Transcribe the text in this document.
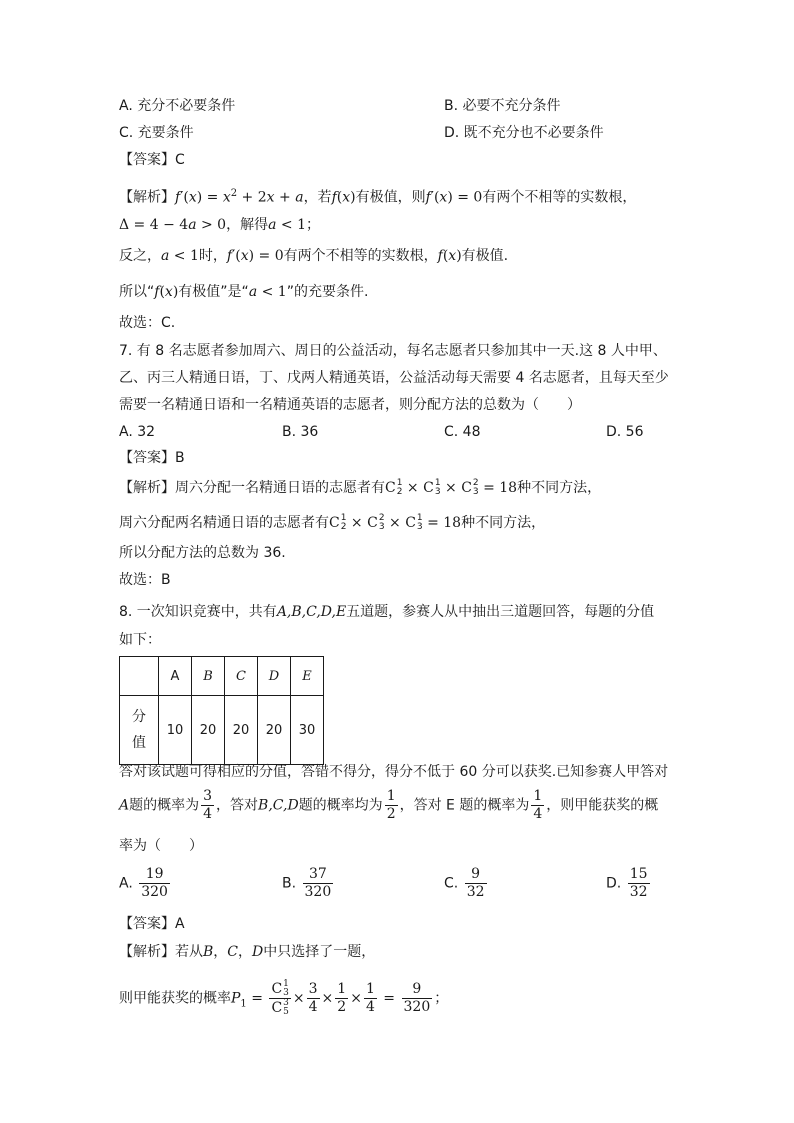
A. 充分不必要条件	B. 必要不充分条件
C. 充要条件	D. 既不充分也不必要条件
【答案】C
【解析】$f'(x) = x^2 + 2x + a$，若f(x)有极值，则f′(x) = 0有两个不相等的实数根，
Δ = 4 − 4a > 0，解得a < 1；
反之，a < 1时，f′(x) = 0有两个不相等的实数根，f(x)有极值.
所以“f(x)有极值”是“a < 1”的充要条件.
故选：C.
7. 有 8 名志愿者参加周六、周日的公益活动，每名志愿者只参加其中一天.这 8 人中甲、
乙、丙三人精通日语，丁、戊两人精通英语，公益活动每天需要 4 名志愿者，且每天至少
需要一名精通日语和一名精通英语的志愿者，则分配方法的总数为（　　）
A. 32	B. 36	C. 48	D. 56
【答案】B
【解析】周六分配一名精通日语的志愿者有C 1
2 × C 1
3 × C 2
3 = 18种不同方法，
周六分配两名精通日语的志愿者有C 1
2 × C 2
3 × C 1
3 = 18种不同方法，
所以分配方法的总数为 36.
故选：B
8. 一次知识竞赛中，共有A,B,C,D,E五道题，参赛人从中抽出三道题回答，每题的分值
如下：
	A	B	C	D	E
分值	10	20	20	20	30
答对该试题可得相应的分值，答错不得分，得分不低于 60 分可以获奖.已知参赛人甲答对
A题的概率为 $\frac{3}{4}$ ，答对B,C,D题的概率均为 $\frac{1}{2}$ ，答对 E 题的概率为 $\frac{1}{4}$ ，则甲能获奖的概
率为（　　）
A. $\frac{19}{320}$	B. $\frac{37}{320}$	C. $\frac{9}{32}$	D. $\frac{15}{32}$
【答案】A
【解析】若从B，C，D中只选择了一题，
则甲能获奖的概率$P_1 = C$ 1
3
C 3
$5 \times \frac{3}{4} \times \frac{1}{2} \times \frac{1}{4} = \frac{9}{320}$ ；
